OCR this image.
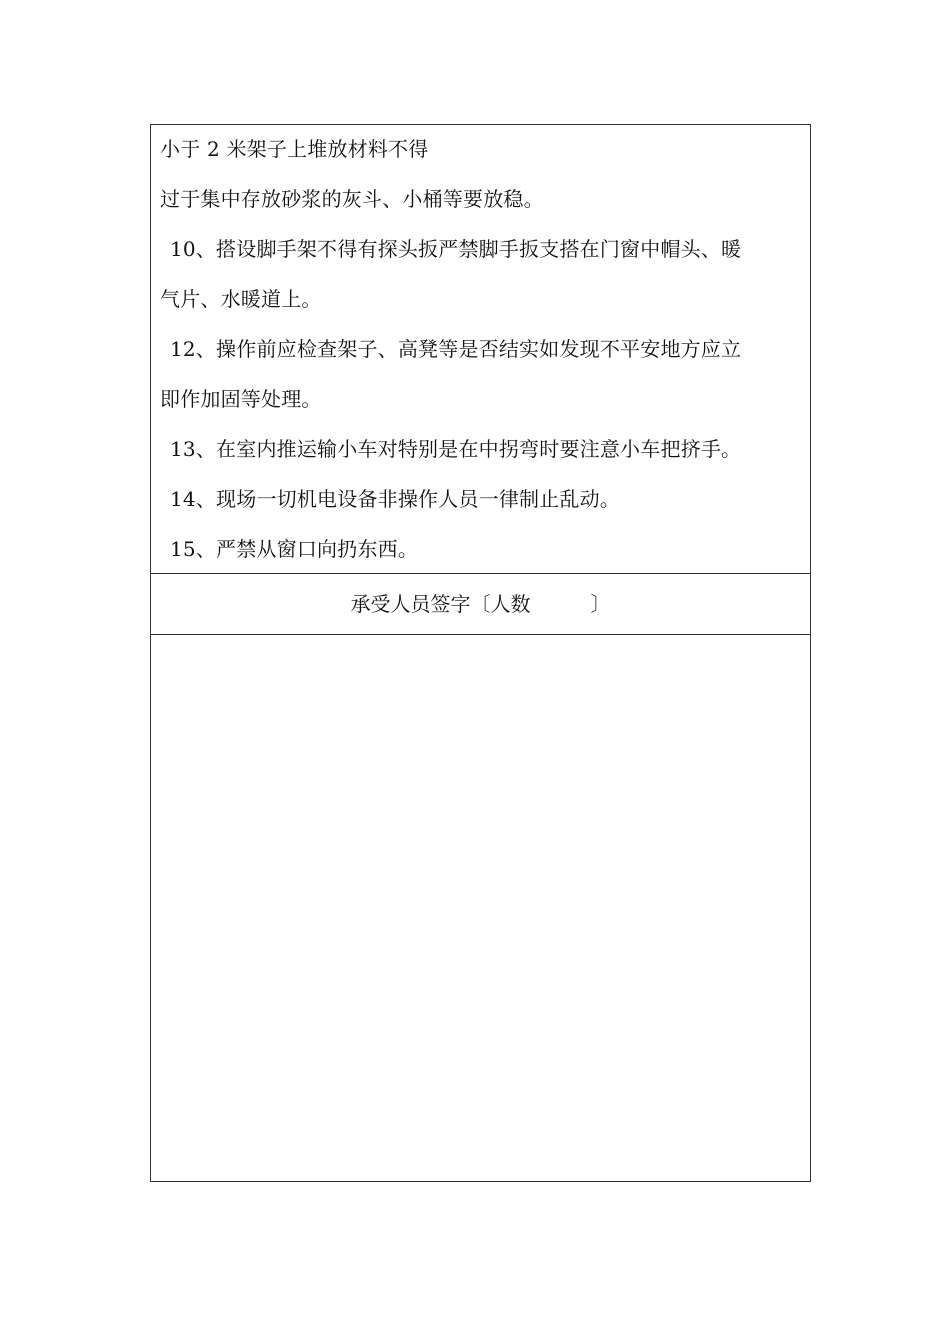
小于 2 米架子上堆放材料不得
过于集中存放砂浆的灰斗、小桶等要放稳。
10、搭设脚手架不得有探头扳严禁脚手扳支搭在门窗中帽头、暖
气片、水暖道上。
12、操作前应检查架子、高凳等是否结实如发现不平安地方应立
即作加固等处理。
13、在室内推运输小车对特别是在中拐弯时要注意小车把挤手。
14、现场一切机电设备非操作人员一律制止乱动。
15、严禁从窗口向扔东西。
承受人员签字〔人数　　　〕
